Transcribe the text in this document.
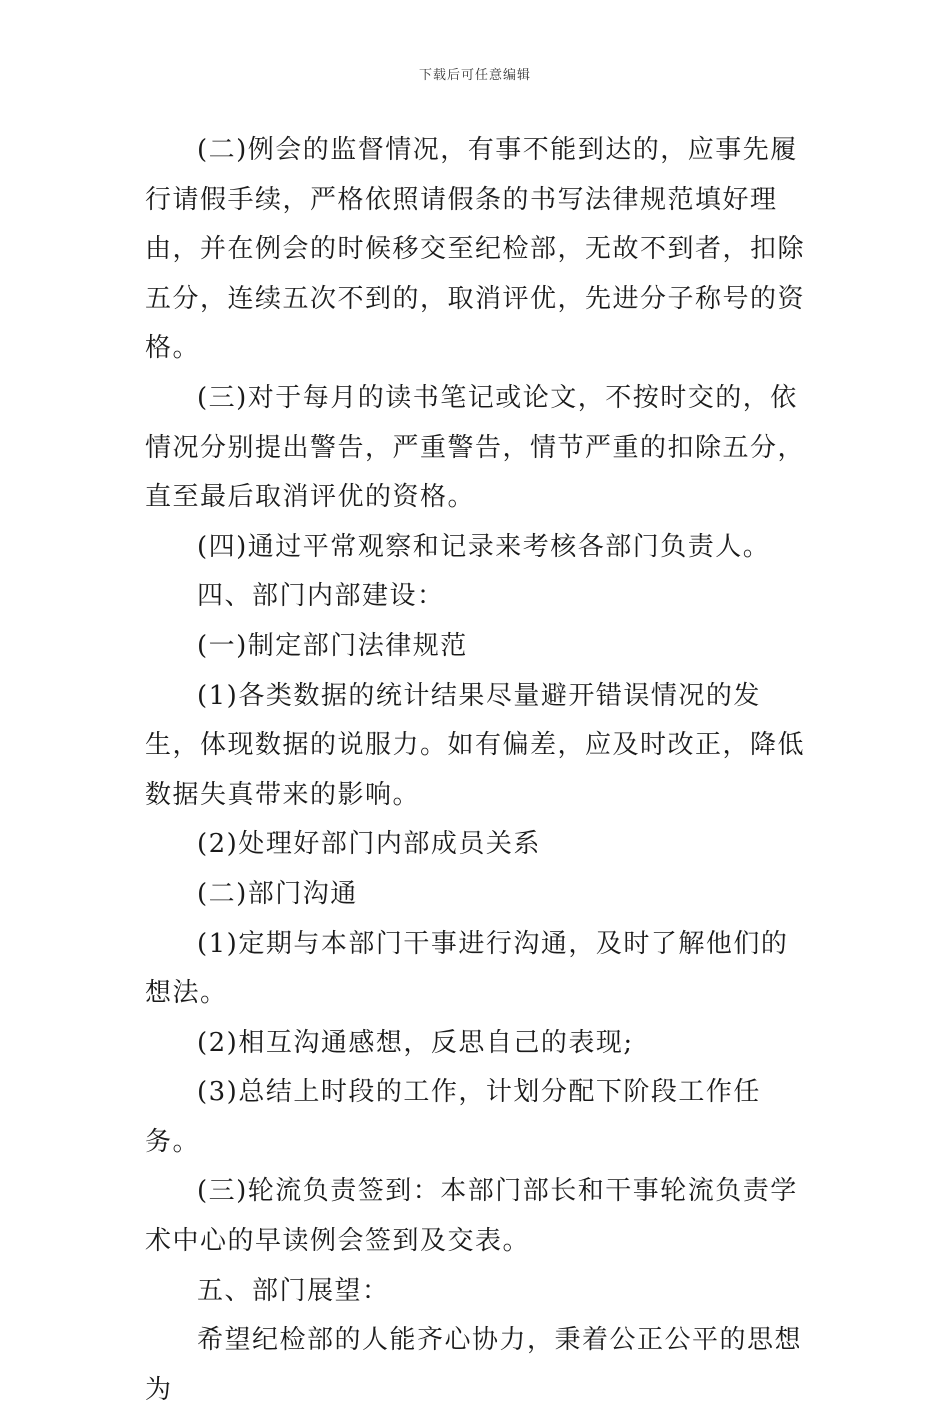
下载后可任意编辑

(二)例会的监督情况，有事不能到达的，应事先履行请假手续，严格依照请假条的书写法律规范填好理由，并在例会的时候移交至纪检部，无故不到者，扣除五分，连续五次不到的，取消评优，先进分子称号的资格。

(三)对于每月的读书笔记或论文，不按时交的，依情况分别提出警告，严重警告，情节严重的扣除五分，直至最后取消评优的资格。

(四)通过平常观察和记录来考核各部门负责人。

四、部门内部建设：

(一)制定部门法律规范

(1)各类数据的统计结果尽量避开错误情况的发生，体现数据的说服力。如有偏差，应及时改正，降低数据失真带来的影响。

(2)处理好部门内部成员关系

(二)部门沟通

(1)定期与本部门干事进行沟通，及时了解他们的想法。

(2)相互沟通感想，反思自己的表现;

(3)总结上时段的工作，计划分配下阶段工作任务。

(三)轮流负责签到：本部门部长和干事轮流负责学术中心的早读例会签到及交表。

五、部门展望：

希望纪检部的人能齐心协力，秉着公正公平的思想为
